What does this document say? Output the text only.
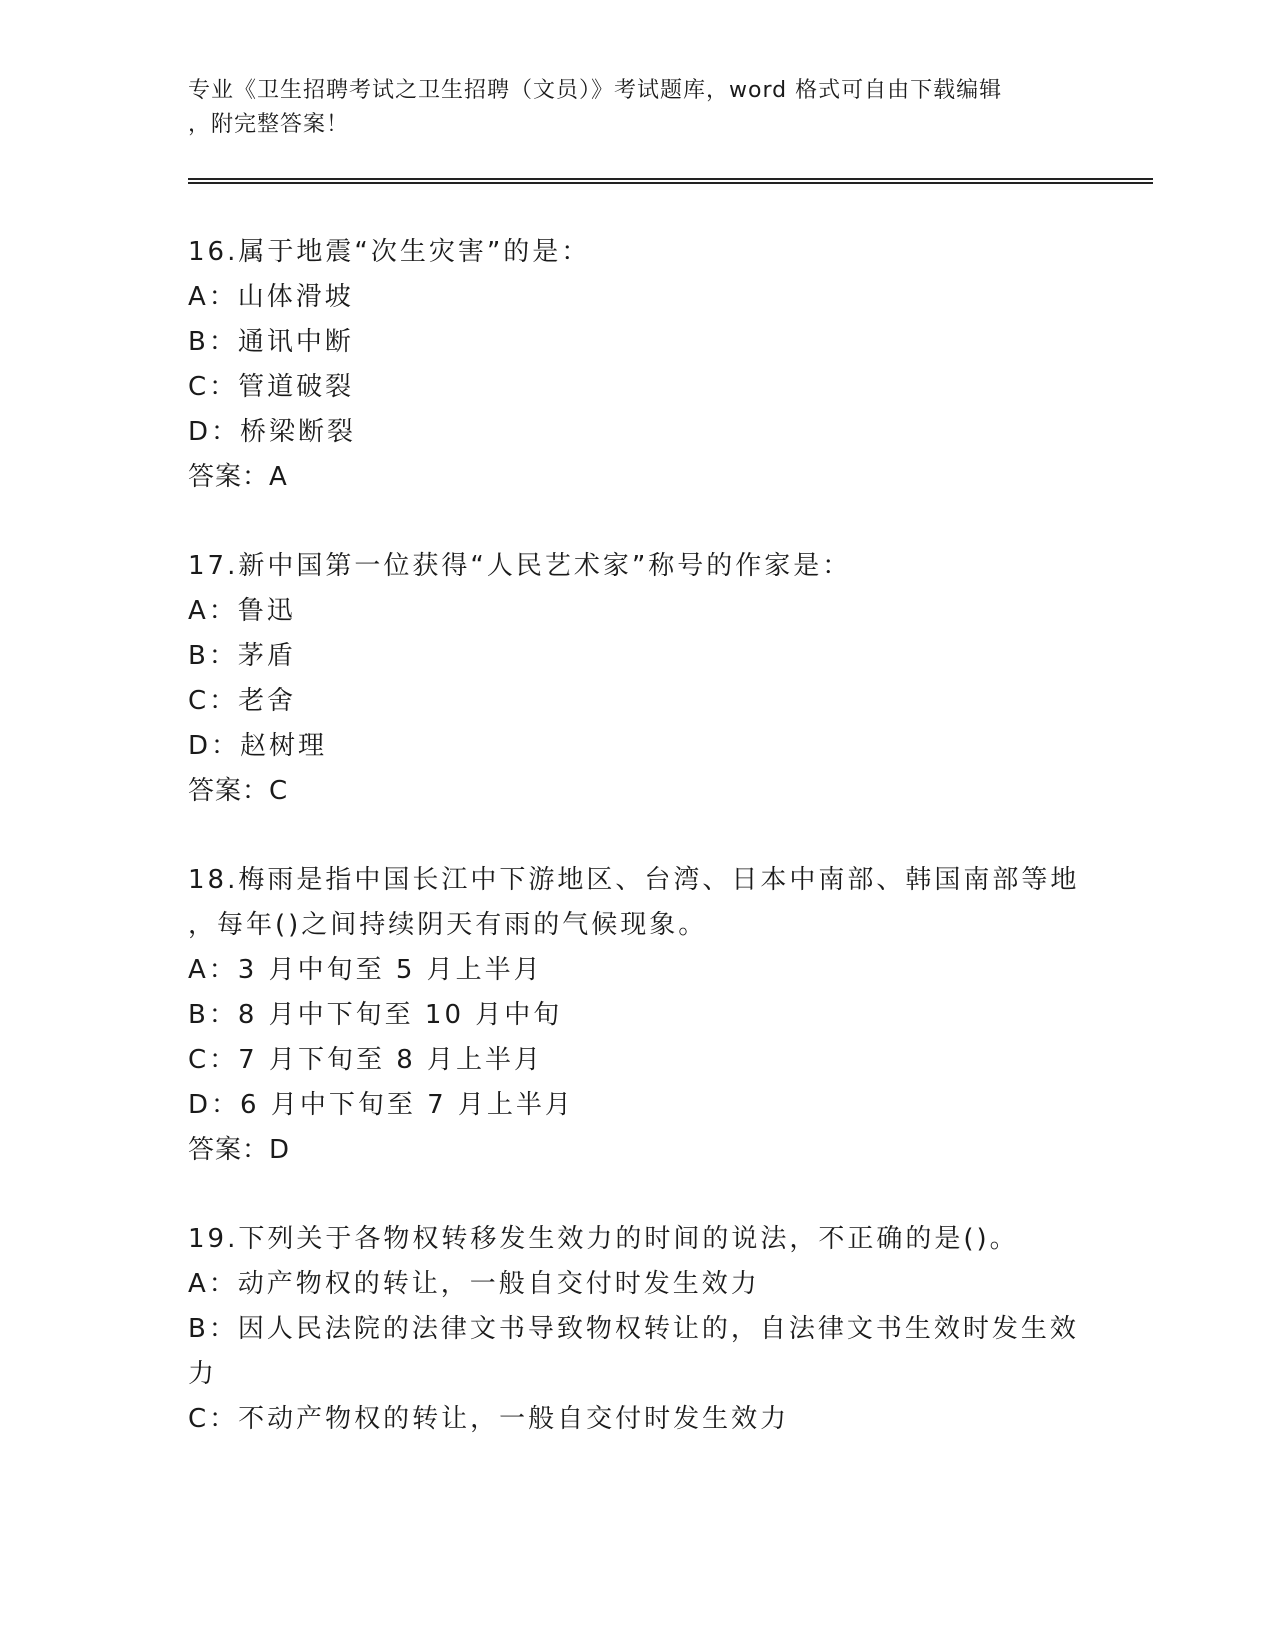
专业《卫生招聘考试之卫生招聘（文员）》考试题库，word 格式可自由下载编辑
，附完整答案！
16.属于地震“次生灾害”的是：
A：山体滑坡
B：通讯中断
C：管道破裂
D：桥梁断裂
答案：A
17.新中国第一位获得“人民艺术家”称号的作家是：
A：鲁迅
B：茅盾
C：老舍
D：赵树理
答案：C
18.梅雨是指中国长江中下游地区、台湾、日本中南部、韩国南部等地
，每年()之间持续阴天有雨的气候现象。
A：3 月中旬至 5 月上半月
B：8 月中下旬至 10 月中旬
C：7 月下旬至 8 月上半月
D：6 月中下旬至 7 月上半月
答案：D
19.下列关于各物权转移发生效力的时间的说法，不正确的是()。
A：动产物权的转让，一般自交付时发生效力
B：因人民法院的法律文书导致物权转让的，自法律文书生效时发生效
力
C：不动产物权的转让，一般自交付时发生效力
